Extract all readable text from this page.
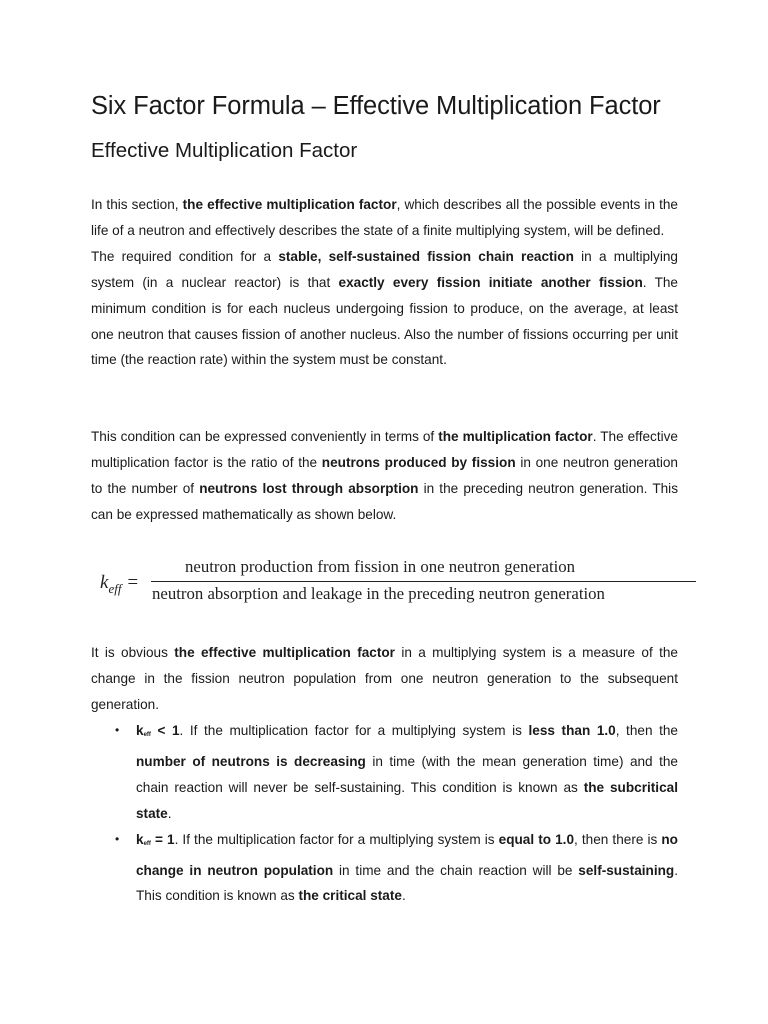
Six Factor Formula – Effective Multiplication Factor
Effective Multiplication Factor

In this section, the effective multiplication factor, which describes all the possible events in the life of a neutron and effectively describes the state of a finite multiplying system, will be defined.
The required condition for a stable, self-sustained fission chain reaction in a multiplying system (in a nuclear reactor) is that exactly every fission initiate another fission. The minimum condition is for each nucleus undergoing fission to produce, on the average, at least one neutron that causes fission of another nucleus. Also the number of fissions occurring per unit time (the reaction rate) within the system must be constant.

This condition can be expressed conveniently in terms of the multiplication factor. The effective multiplication factor is the ratio of the neutrons produced by fission in one neutron generation to the number of neutrons lost through absorption in the preceding neutron generation. This can be expressed mathematically as shown below.

$k_{eff}$ =
neutron production from fission in one neutron generation
neutron absorption and leakage in the preceding neutron generation

It is obvious the effective multiplication factor in a multiplying system is a measure of the change in the fission neutron population from one neutron generation to the subsequent generation.

• keff < 1. If the multiplication factor for a multiplying system is less than 1.0, then the number of neutrons is decreasing in time (with the mean generation time) and the chain reaction will never be self-sustaining. This condition is known as the subcritical state.
• keff = 1. If the multiplication factor for a multiplying system is equal to 1.0, then there is no change in neutron population in time and the chain reaction will be self-sustaining. This condition is known as the critical state.
